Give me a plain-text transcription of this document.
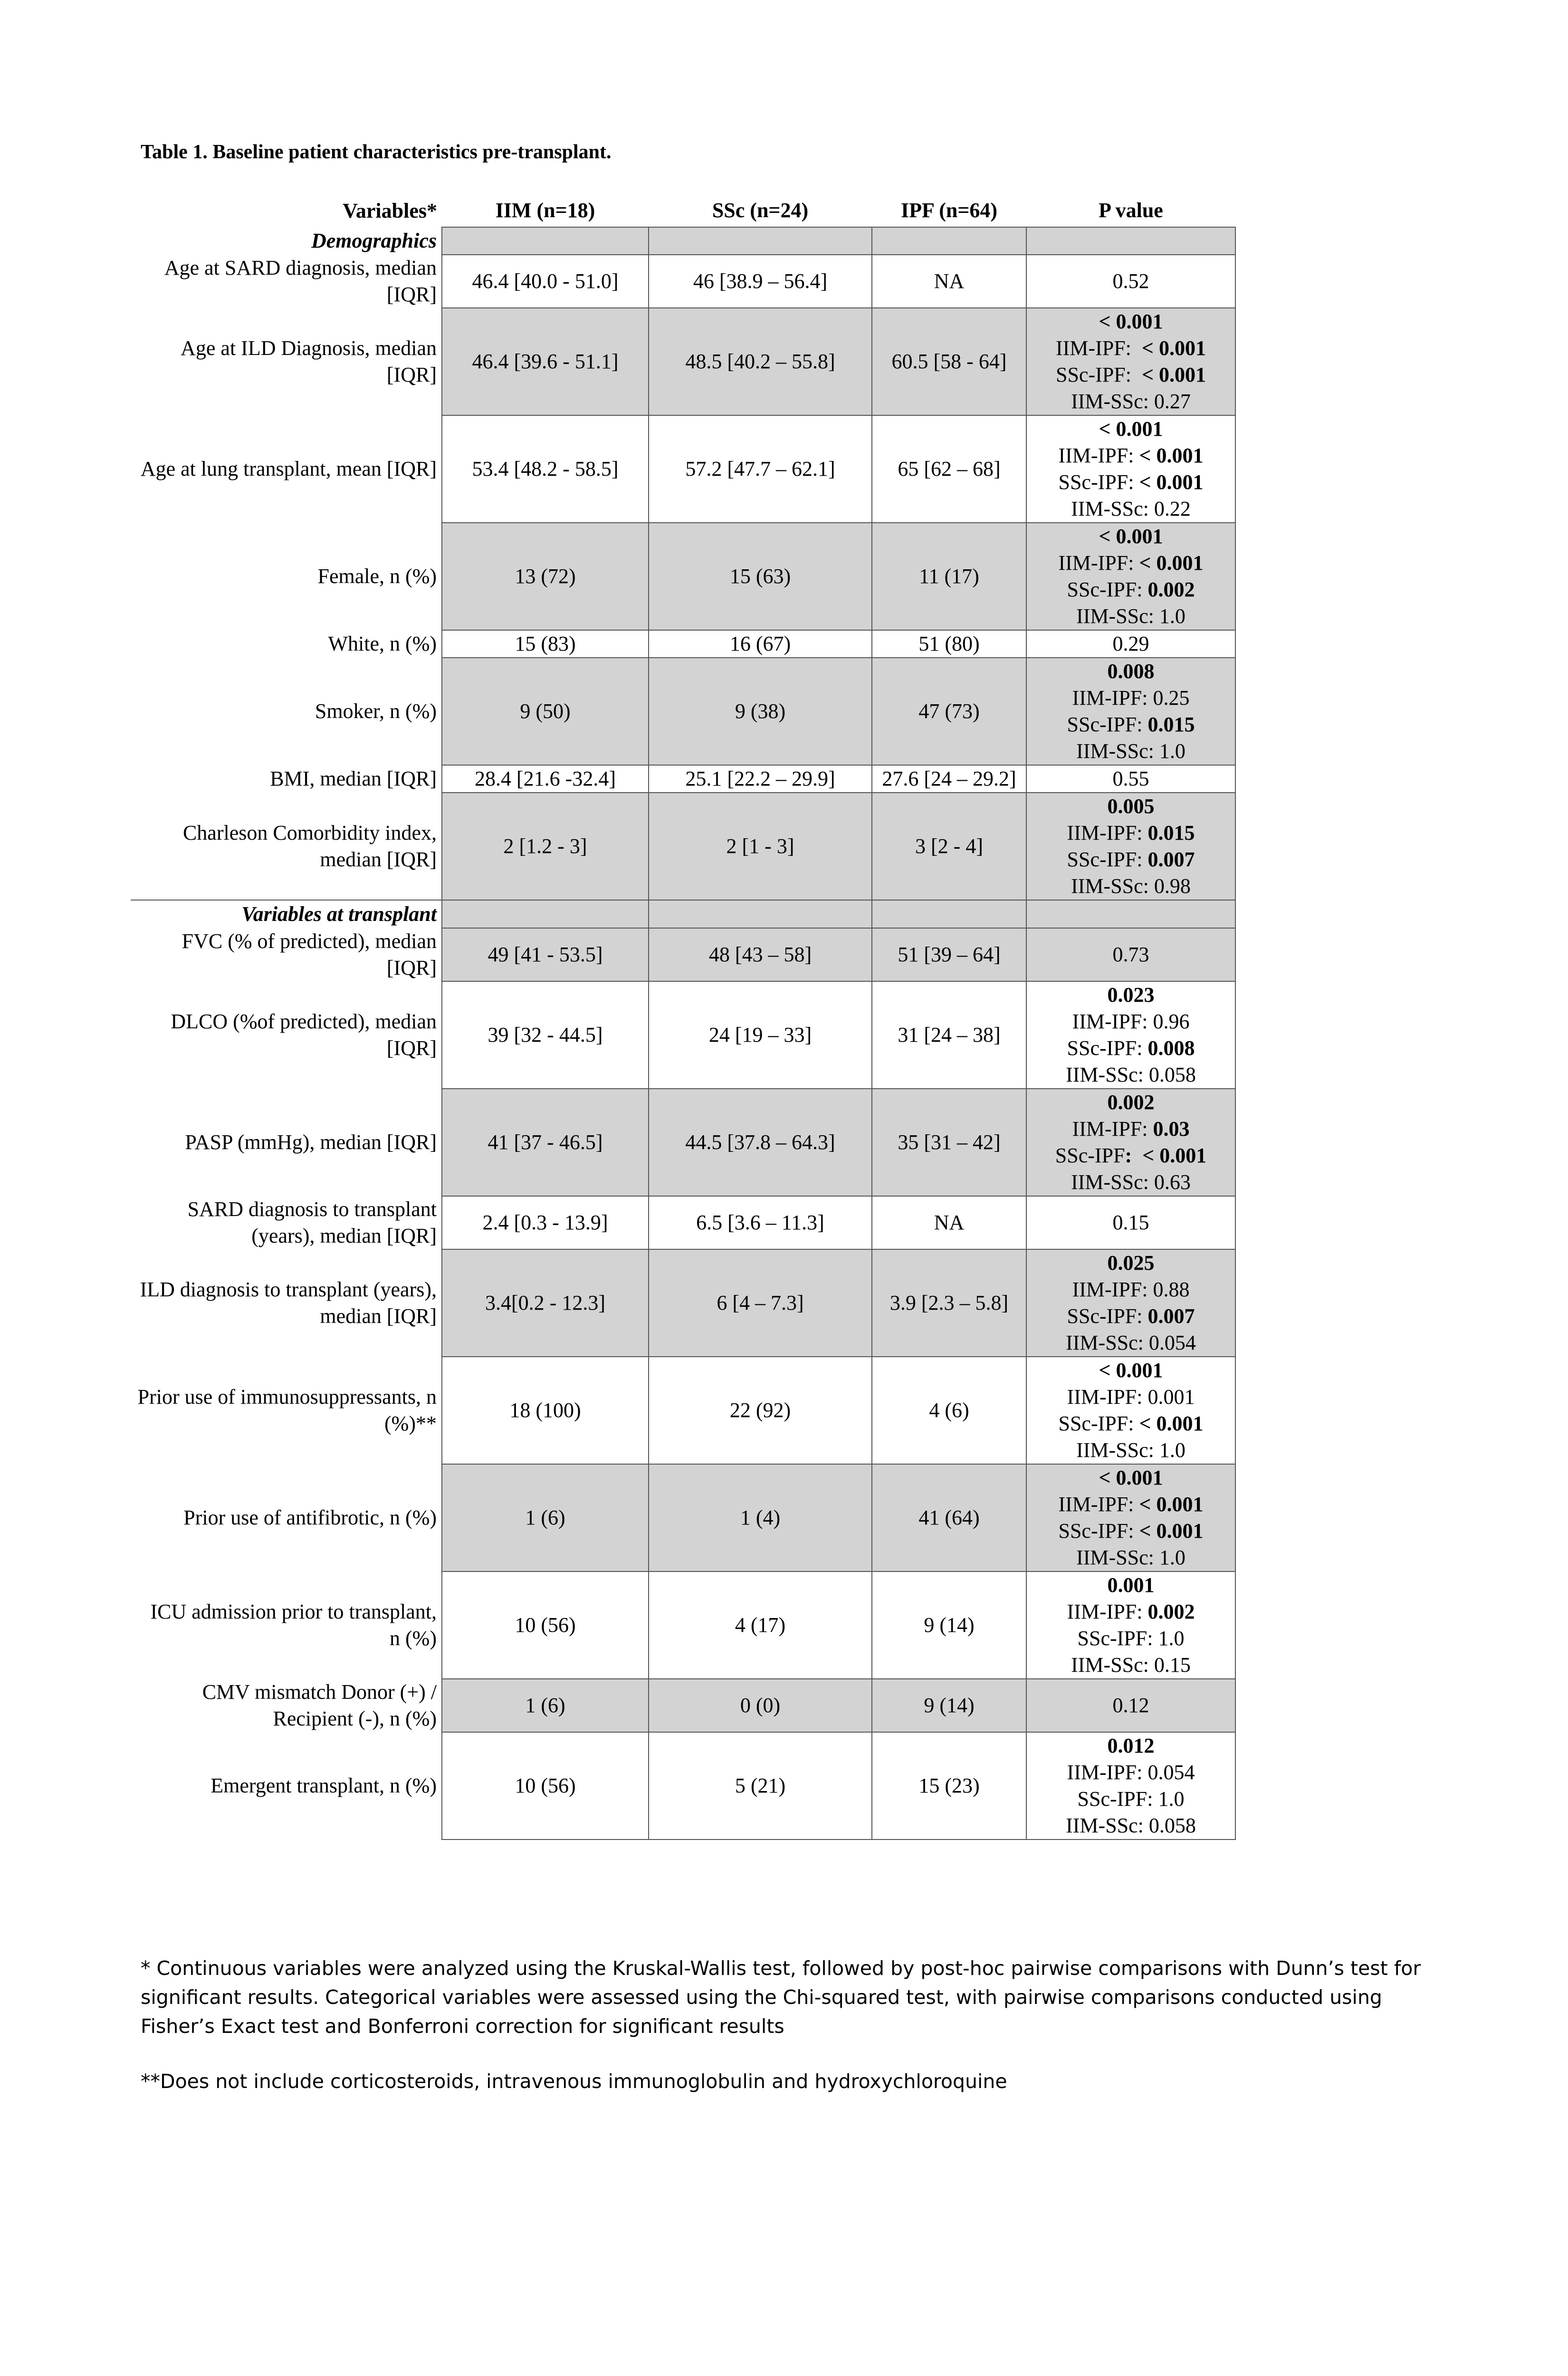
Table 1. Baseline patient characteristics pre-transplant.
Variables*	IIM (n=18)	SSc (n=24)	IPF (n=64)	P value
Demographics				
Age at SARD diagnosis, median [IQR]	46.4 [40.0 - 51.0]	46 [38.9 – 56.4]	NA	0.52

Age at ILD Diagnosis, median [IQR]	46.4 [39.6 - 51.1]	48.5 [40.2 – 55.8]	60.5 [58 - 64]	< 0.001
IIM-IPF:  < 0.001
SSc-IPF:  < 0.001
IIM-SSc: 0.27

Age at lung transplant, mean [IQR]	53.4 [48.2 - 58.5]	57.2 [47.7 – 62.1]	65 [62 – 68]	< 0.001
IIM-IPF: < 0.001
SSc-IPF: < 0.001
IIM-SSc: 0.22

Female, n (%)	13 (72)	15 (63)	11 (17)	< 0.001
IIM-IPF: < 0.001
SSc-IPF: 0.002
IIM-SSc: 1.0

White, n (%)	15 (83)	16 (67)	51 (80)	0.29

Smoker, n (%)	9 (50)	9 (38)	47 (73)	0.008
IIM-IPF: 0.25
SSc-IPF: 0.015
IIM-SSc: 1.0

BMI, median [IQR]	28.4 [21.6 -32.4]	25.1 [22.2 – 29.9]	27.6 [24 – 29.2]	0.55

Charleson Comorbidity index, median [IQR]	2 [1.2 - 3]	2 [1 - 3]	3 [2 - 4]	0.005
IIM-IPF: 0.015
SSc-IPF: 0.007
IIM-SSc: 0.98

Variables at transplant				
FVC (% of predicted), median [IQR]	49 [41 - 53.5]	48 [43 – 58]	51 [39 – 64]	0.73

DLCO (%of predicted), median [IQR]	39 [32 - 44.5]	24 [19 – 33]	31 [24 – 38]	0.023
IIM-IPF: 0.96
SSc-IPF: 0.008
IIM-SSc: 0.058

PASP (mmHg), median [IQR]	41 [37 - 46.5]	44.5 [37.8 – 64.3]	35 [31 – 42]	0.002
IIM-IPF: 0.03
SSc-IPF:  < 0.001
IIM-SSc: 0.63

SARD diagnosis to transplant (years), median [IQR]	2.4 [0.3 - 13.9]	6.5 [3.6 – 11.3]	NA	0.15

ILD diagnosis to transplant (years), median [IQR]	3.4[0.2 - 12.3]	6 [4 – 7.3]	3.9 [2.3 – 5.8]	0.025
IIM-IPF: 0.88
SSc-IPF: 0.007
IIM-SSc: 0.054

Prior use of immunosuppressants, n (%)**	18 (100)	22 (92)	4 (6)	< 0.001
IIM-IPF: 0.001
SSc-IPF: < 0.001
IIM-SSc: 1.0

Prior use of antifibrotic, n (%)	1 (6)	1 (4)	41 (64)	< 0.001
IIM-IPF: < 0.001
SSc-IPF: < 0.001
IIM-SSc: 1.0

ICU admission prior to transplant, n (%)	10 (56)	4 (17)	9 (14)	0.001
IIM-IPF: 0.002
SSc-IPF: 1.0
IIM-SSc: 0.15

CMV mismatch Donor (+) / Recipient (-), n (%)	1 (6)	0 (0)	9 (14)	0.12

Emergent transplant, n (%)	10 (56)	5 (21)	15 (23)	0.012
IIM-IPF: 0.054
SSc-IPF: 1.0
IIM-SSc: 0.058
* Continuous variables were analyzed using the Kruskal-Wallis test, followed by post-hoc pairwise comparisons with Dunn’s test for significant results. Categorical variables were assessed using the Chi-squared test, with pairwise comparisons conducted using Fisher’s Exact test and Bonferroni correction for significant results
**Does not include corticosteroids, intravenous immunoglobulin and hydroxychloroquine
